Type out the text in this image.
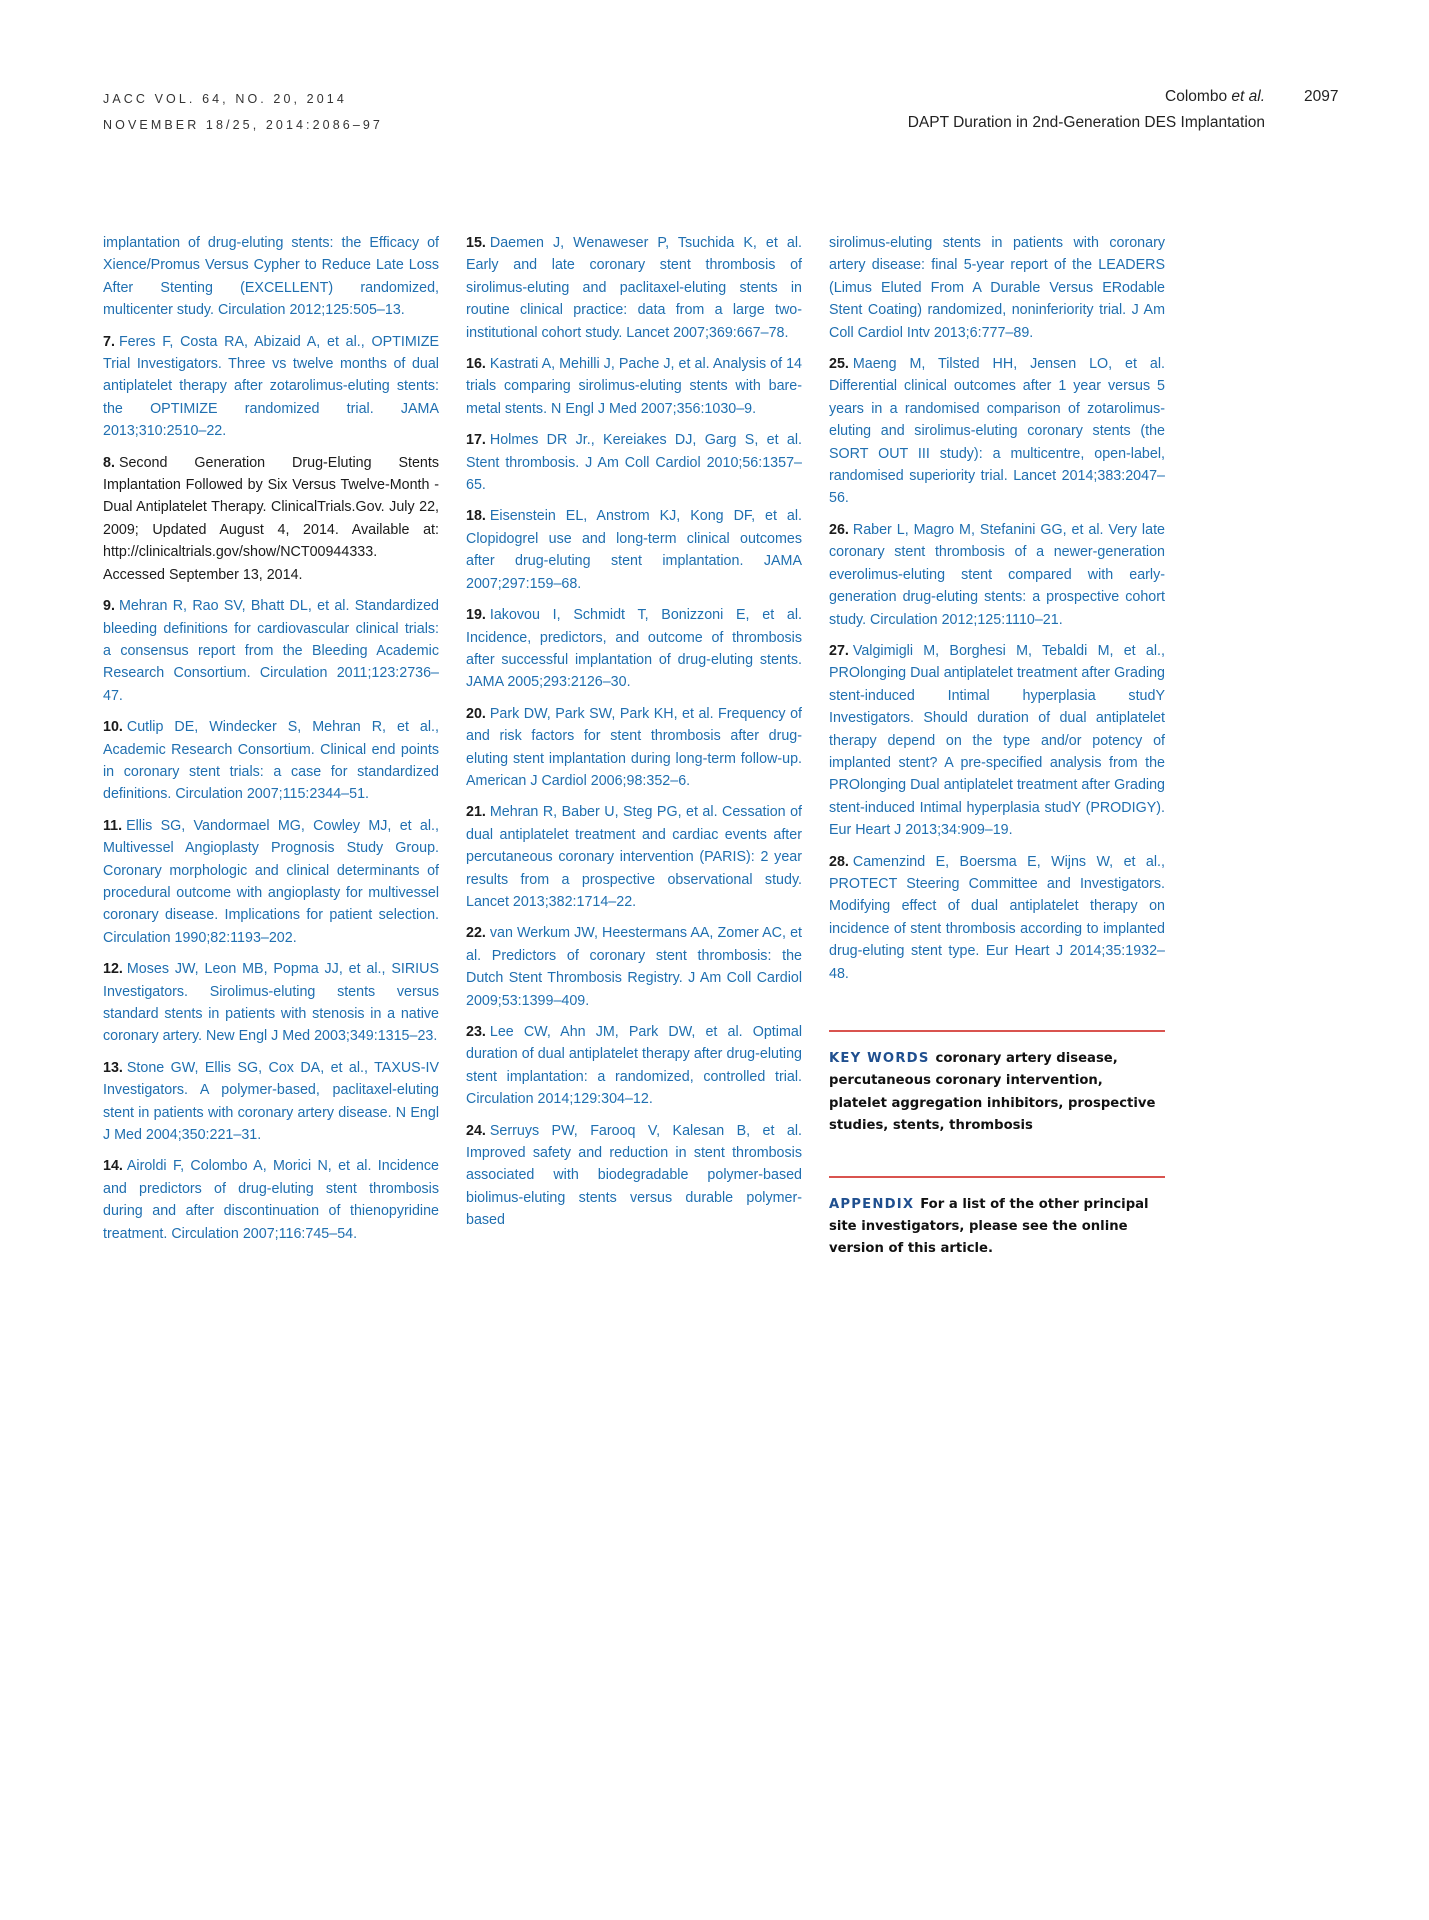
JACC VOL. 64, NO. 20, 2014
NOVEMBER 18/25, 2014:2086–97
Colombo et al.
DAPT Duration in 2nd-Generation DES Implantation
2097

implantation of drug-eluting stents: the Efficacy of Xience/Promus Versus Cypher to Reduce Late Loss After Stenting (EXCELLENT) randomized, multicenter study. Circulation 2012;125:505–13.

7. Feres F, Costa RA, Abizaid A, et al., OPTIMIZE Trial Investigators. Three vs twelve months of dual antiplatelet therapy after zotarolimus-eluting stents: the OPTIMIZE randomized trial. JAMA 2013;310:2510–22.

8. Second Generation Drug-Eluting Stents Implantation Followed by Six Versus Twelve-Month - Dual Antiplatelet Therapy. ClinicalTrials.Gov. July 22, 2009; Updated August 4, 2014. Available at: http://clinicaltrials.gov/show/NCT00944333. Accessed September 13, 2014.

9. Mehran R, Rao SV, Bhatt DL, et al. Standardized bleeding definitions for cardiovascular clinical trials: a consensus report from the Bleeding Academic Research Consortium. Circulation 2011;123:2736–47.

10. Cutlip DE, Windecker S, Mehran R, et al., Academic Research Consortium. Clinical end points in coronary stent trials: a case for standardized definitions. Circulation 2007;115:2344–51.

11. Ellis SG, Vandormael MG, Cowley MJ, et al., Multivessel Angioplasty Prognosis Study Group. Coronary morphologic and clinical determinants of procedural outcome with angioplasty for multivessel coronary disease. Implications for patient selection. Circulation 1990;82:1193–202.

12. Moses JW, Leon MB, Popma JJ, et al., SIRIUS Investigators. Sirolimus-eluting stents versus standard stents in patients with stenosis in a native coronary artery. New Engl J Med 2003;349:1315–23.

13. Stone GW, Ellis SG, Cox DA, et al., TAXUS-IV Investigators. A polymer-based, paclitaxel-eluting stent in patients with coronary artery disease. N Engl J Med 2004;350:221–31.

14. Airoldi F, Colombo A, Morici N, et al. Incidence and predictors of drug-eluting stent thrombosis during and after discontinuation of thienopyridine treatment. Circulation 2007;116:745–54.

15. Daemen J, Wenaweser P, Tsuchida K, et al. Early and late coronary stent thrombosis of sirolimus-eluting and paclitaxel-eluting stents in routine clinical practice: data from a large two-institutional cohort study. Lancet 2007;369:667–78.

16. Kastrati A, Mehilli J, Pache J, et al. Analysis of 14 trials comparing sirolimus-eluting stents with bare-metal stents. N Engl J Med 2007;356:1030–9.

17. Holmes DR Jr., Kereiakes DJ, Garg S, et al. Stent thrombosis. J Am Coll Cardiol 2010;56:1357–65.

18. Eisenstein EL, Anstrom KJ, Kong DF, et al. Clopidogrel use and long-term clinical outcomes after drug-eluting stent implantation. JAMA 2007;297:159–68.

19. Iakovou I, Schmidt T, Bonizzoni E, et al. Incidence, predictors, and outcome of thrombosis after successful implantation of drug-eluting stents. JAMA 2005;293:2126–30.

20. Park DW, Park SW, Park KH, et al. Frequency of and risk factors for stent thrombosis after drug-eluting stent implantation during long-term follow-up. American J Cardiol 2006;98:352–6.

21. Mehran R, Baber U, Steg PG, et al. Cessation of dual antiplatelet treatment and cardiac events after percutaneous coronary intervention (PARIS): 2 year results from a prospective observational study. Lancet 2013;382:1714–22.

22. van Werkum JW, Heestermans AA, Zomer AC, et al. Predictors of coronary stent thrombosis: the Dutch Stent Thrombosis Registry. J Am Coll Cardiol 2009;53:1399–409.

23. Lee CW, Ahn JM, Park DW, et al. Optimal duration of dual antiplatelet therapy after drug-eluting stent implantation: a randomized, controlled trial. Circulation 2014;129:304–12.

24. Serruys PW, Farooq V, Kalesan B, et al. Improved safety and reduction in stent thrombosis associated with biodegradable polymer-based biolimus-eluting stents versus durable polymer-based

sirolimus-eluting stents in patients with coronary artery disease: final 5-year report of the LEADERS (Limus Eluted From A Durable Versus ERodable Stent Coating) randomized, noninferiority trial. J Am Coll Cardiol Intv 2013;6:777–89.

25. Maeng M, Tilsted HH, Jensen LO, et al. Differential clinical outcomes after 1 year versus 5 years in a randomised comparison of zotarolimus-eluting and sirolimus-eluting coronary stents (the SORT OUT III study): a multicentre, open-label, randomised superiority trial. Lancet 2014;383:2047–56.

26. Raber L, Magro M, Stefanini GG, et al. Very late coronary stent thrombosis of a newer-generation everolimus-eluting stent compared with early-generation drug-eluting stents: a prospective cohort study. Circulation 2012;125:1110–21.

27. Valgimigli M, Borghesi M, Tebaldi M, et al., PROlonging Dual antiplatelet treatment after Grading stent-induced Intimal hyperplasia studY Investigators. Should duration of dual antiplatelet therapy depend on the type and/or potency of implanted stent? A pre-specified analysis from the PROlonging Dual antiplatelet treatment after Grading stent-induced Intimal hyperplasia studY (PRODIGY). Eur Heart J 2013;34:909–19.

28. Camenzind E, Boersma E, Wijns W, et al., PROTECT Steering Committee and Investigators. Modifying effect of dual antiplatelet therapy on incidence of stent thrombosis according to implanted drug-eluting stent type. Eur Heart J 2014;35:1932–48.

KEY WORDS coronary artery disease, percutaneous coronary intervention, platelet aggregation inhibitors, prospective studies, stents, thrombosis
APPENDIX For a list of the other principal site investigators, please see the online version of this article.
